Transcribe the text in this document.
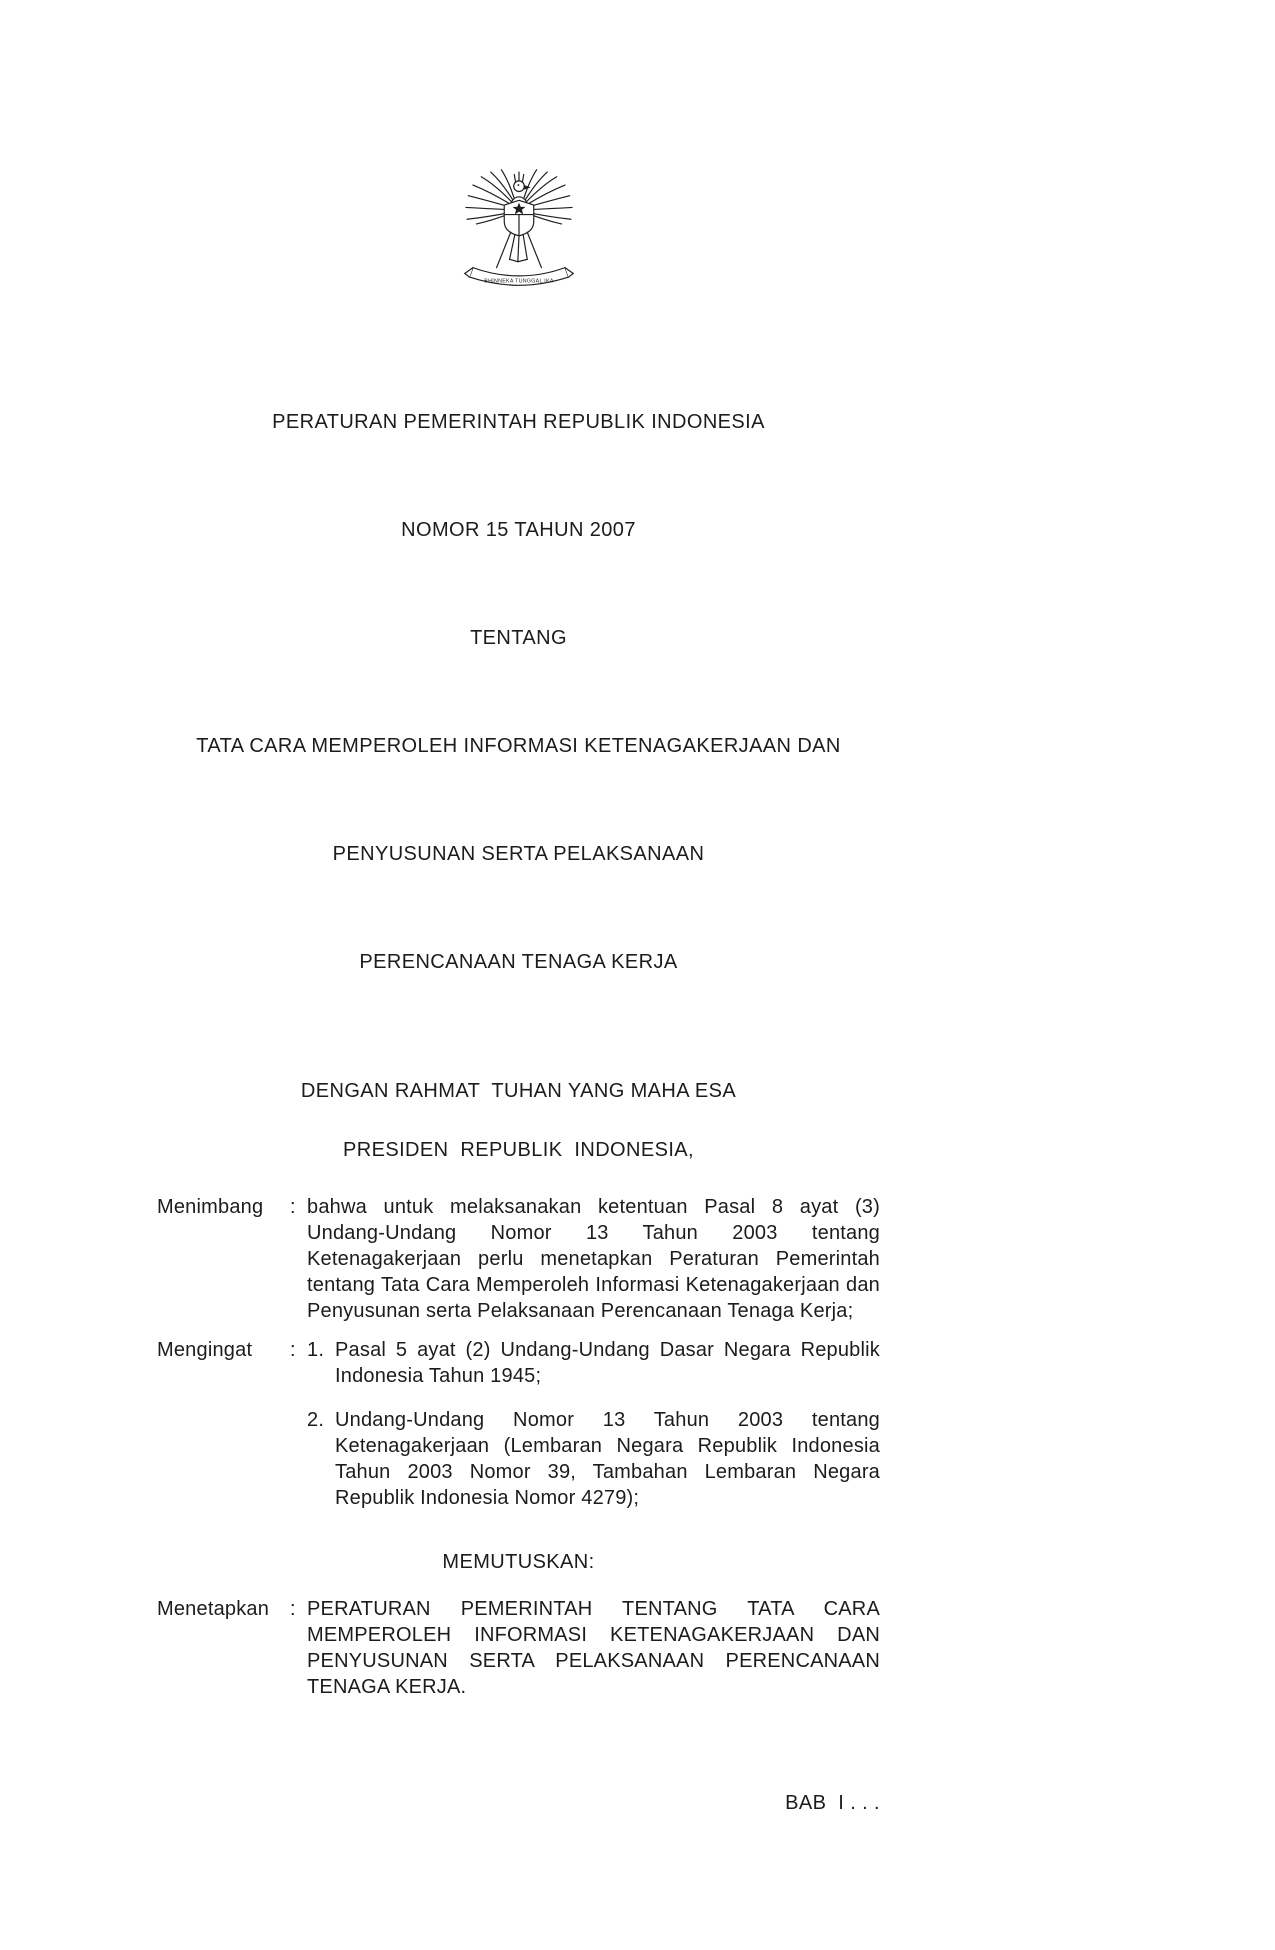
BHINNEKA TUNGGAL IKA

PERATURAN PEMERINTAH REPUBLIK INDONESIA

NOMOR 15 TAHUN 2007

TENTANG

TATA CARA MEMPEROLEH INFORMASI KETENAGAKERJAAN DAN

PENYUSUNAN SERTA PELAKSANAAN

PERENCANAAN TENAGA KERJA

DENGAN RAHMAT  TUHAN YANG MAHA ESA
PRESIDEN  REPUBLIK  INDONESIA,
Menimbang	: bahwa untuk melaksanakan ketentuan Pasal 8 ayat (3) Undang-Undang Nomor 13 Tahun 2003 tentang Ketenagakerjaan perlu menetapkan Peraturan Pemerintah tentang Tata Cara Memperoleh Informasi Ketenagakerjaan dan Penyusunan serta Pelaksanaan Perencanaan Tenaga Kerja;
Mengingat	: 1. Pasal 5 ayat (2) Undang-Undang Dasar Negara Republik Indonesia Tahun 1945;
2. Undang-Undang Nomor 13 Tahun 2003 tentang Ketenagakerjaan (Lembaran Negara Republik Indonesia Tahun 2003 Nomor 39, Tambahan Lembaran Negara Republik Indonesia Nomor 4279);
MEMUTUSKAN:
Menetapkan	: PERATURAN PEMERINTAH TENTANG TATA CARA MEMPEROLEH INFORMASI KETENAGAKERJAAN DAN PENYUSUNAN SERTA PELAKSANAAN PERENCANAAN TENAGA KERJA.
BAB  I . . .
